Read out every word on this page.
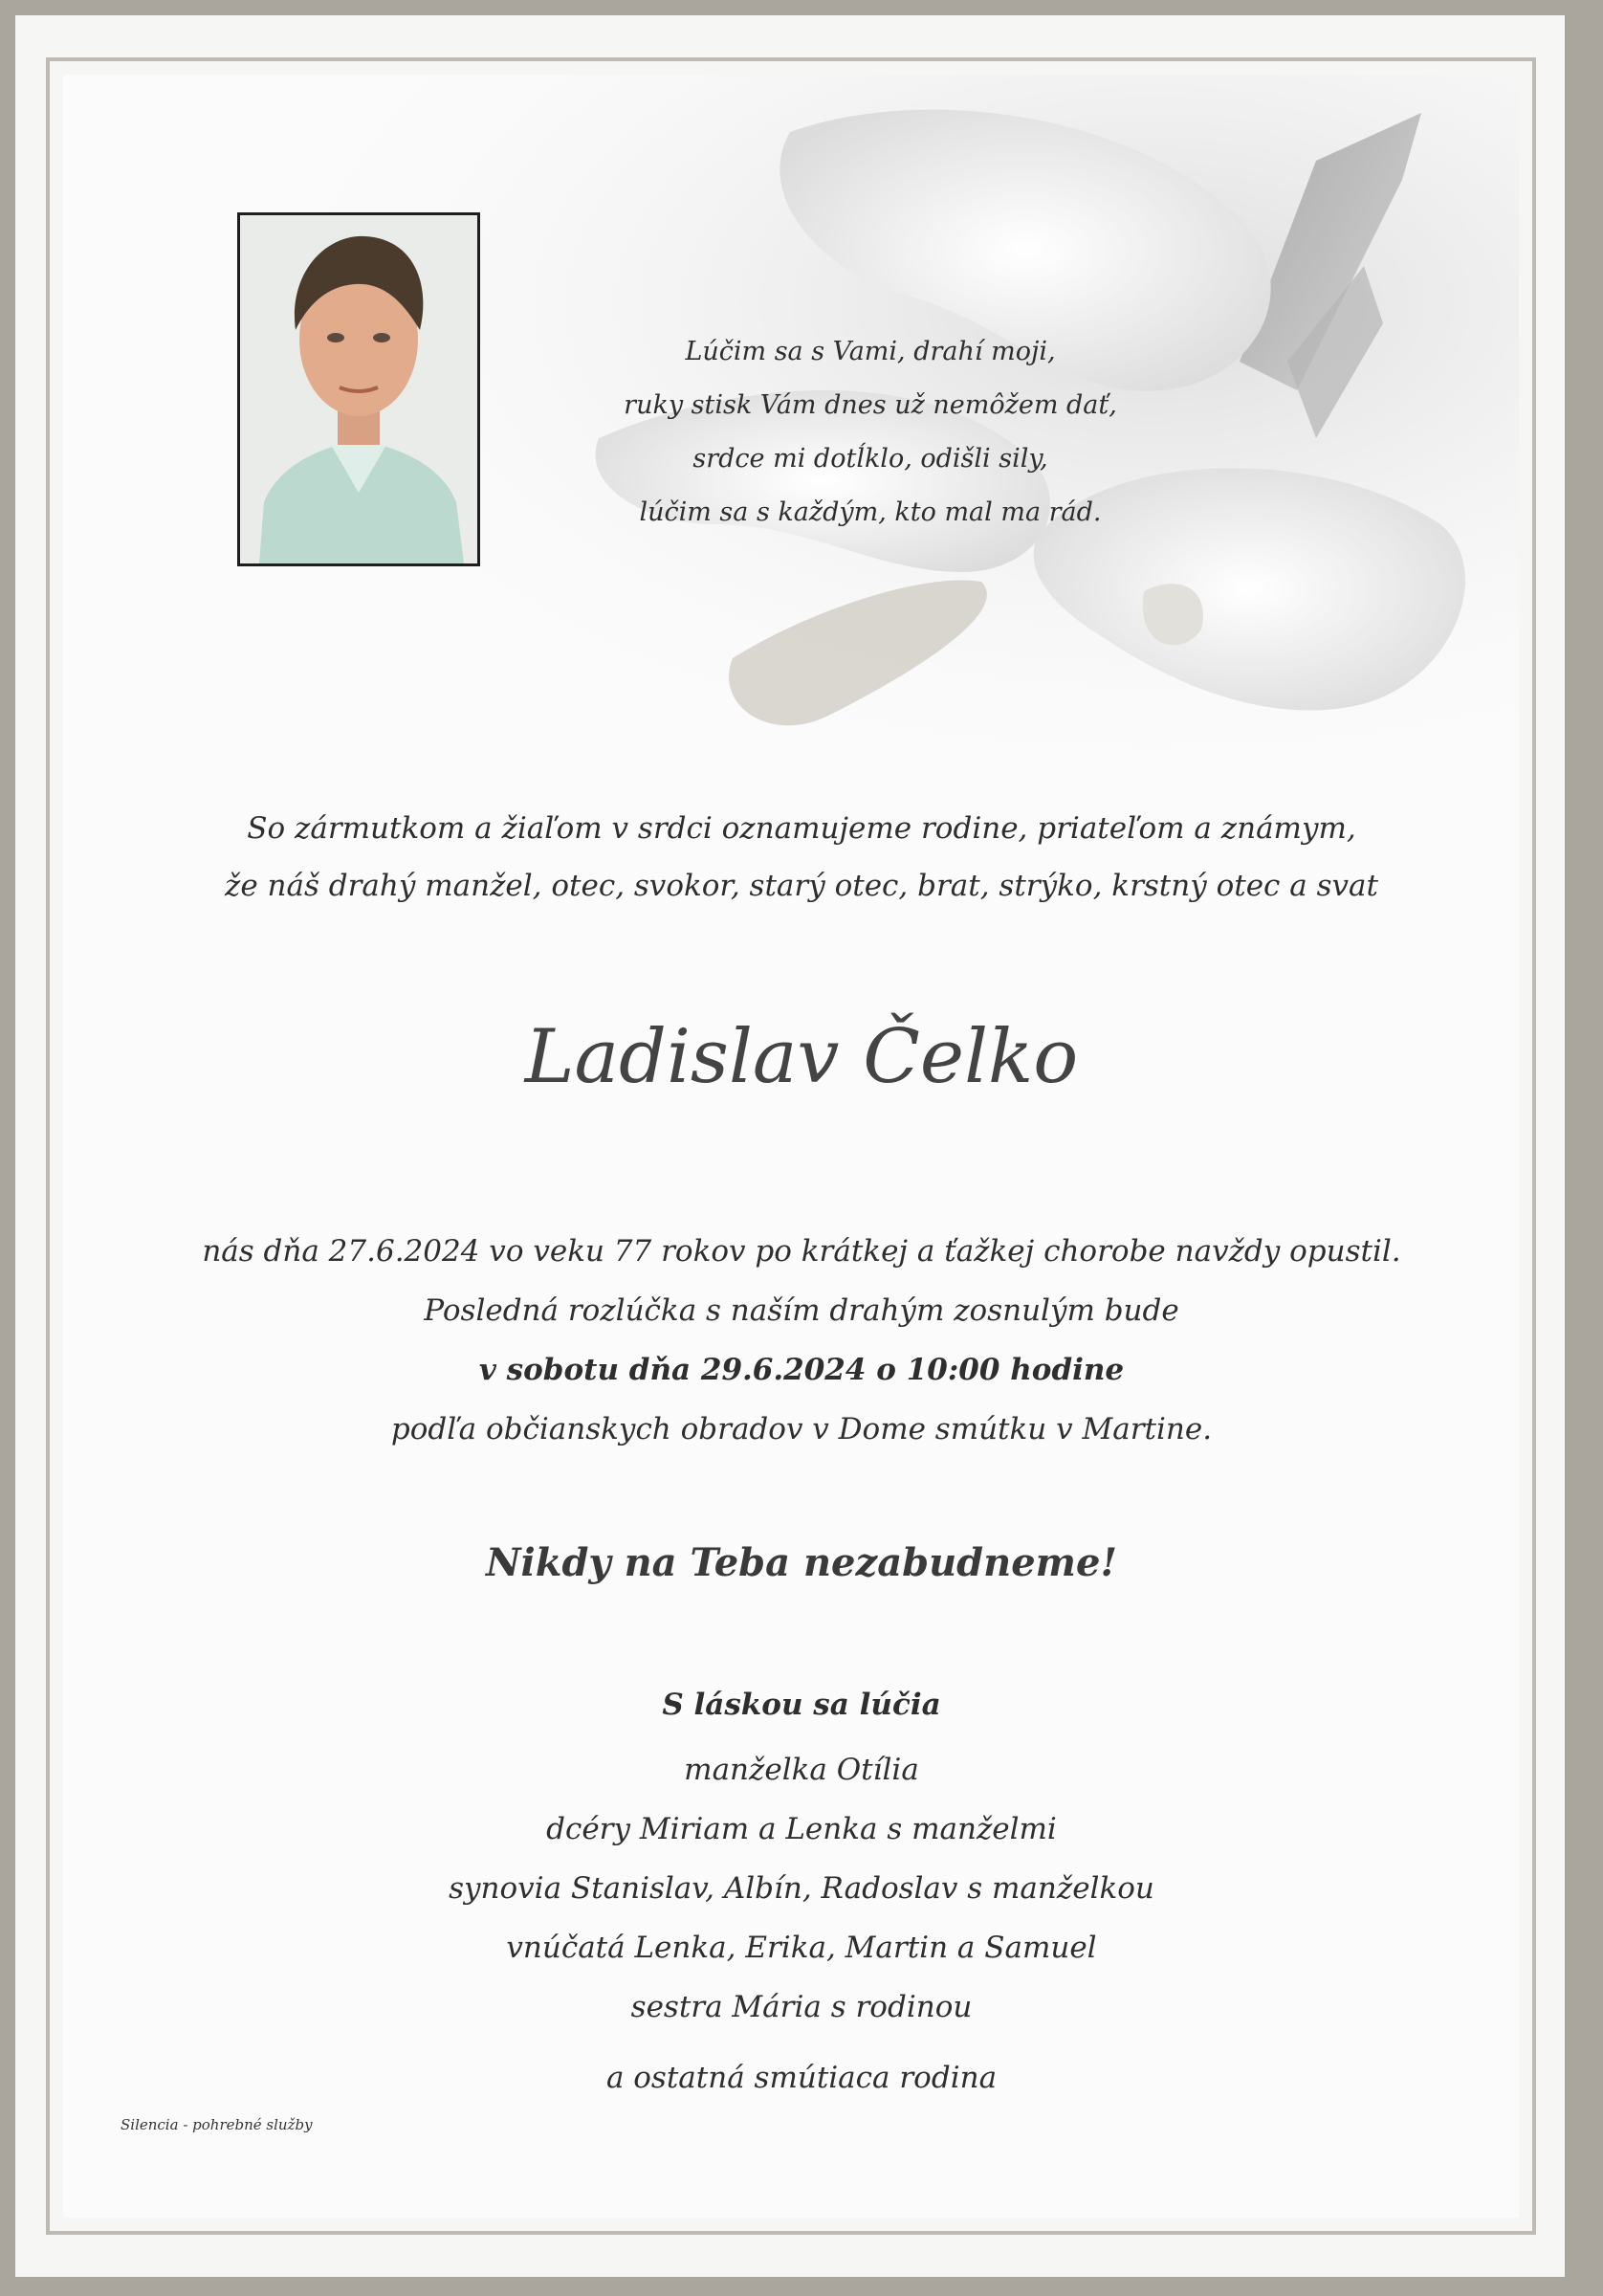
Lúčim sa s Vami, drahí moji,

ruky stisk Vám dnes už nemôžem dať,

srdce mi dotĺklo, odišli sily,

lúčim sa s každým, kto mal ma rád.

So zármutkom a žiaľom v srdci oznamujeme rodine, priateľom a známym,

že náš drahý manžel, otec, svokor, starý otec, brat, strýko, krstný otec a svat

Ladislav Čelko

nás dňa 27.6.2024 vo veku 77 rokov po krátkej a ťažkej chorobe navždy opustil.

Posledná rozlúčka s naším drahým zosnulým bude

v sobotu dňa 29.6.2024 o 10:00 hodine

podľa občianskych obradov v Dome smútku v Martine.

Nikdy na Teba nezabudneme!

S láskou sa lúčia

manželka Otília

dcéry Miriam a Lenka s manželmi

synovia Stanislav, Albín, Radoslav s manželkou

vnúčatá Lenka, Erika, Martin a Samuel

sestra Mária s rodinou

a ostatná smútiaca rodina

Silencia - pohrebné služby
